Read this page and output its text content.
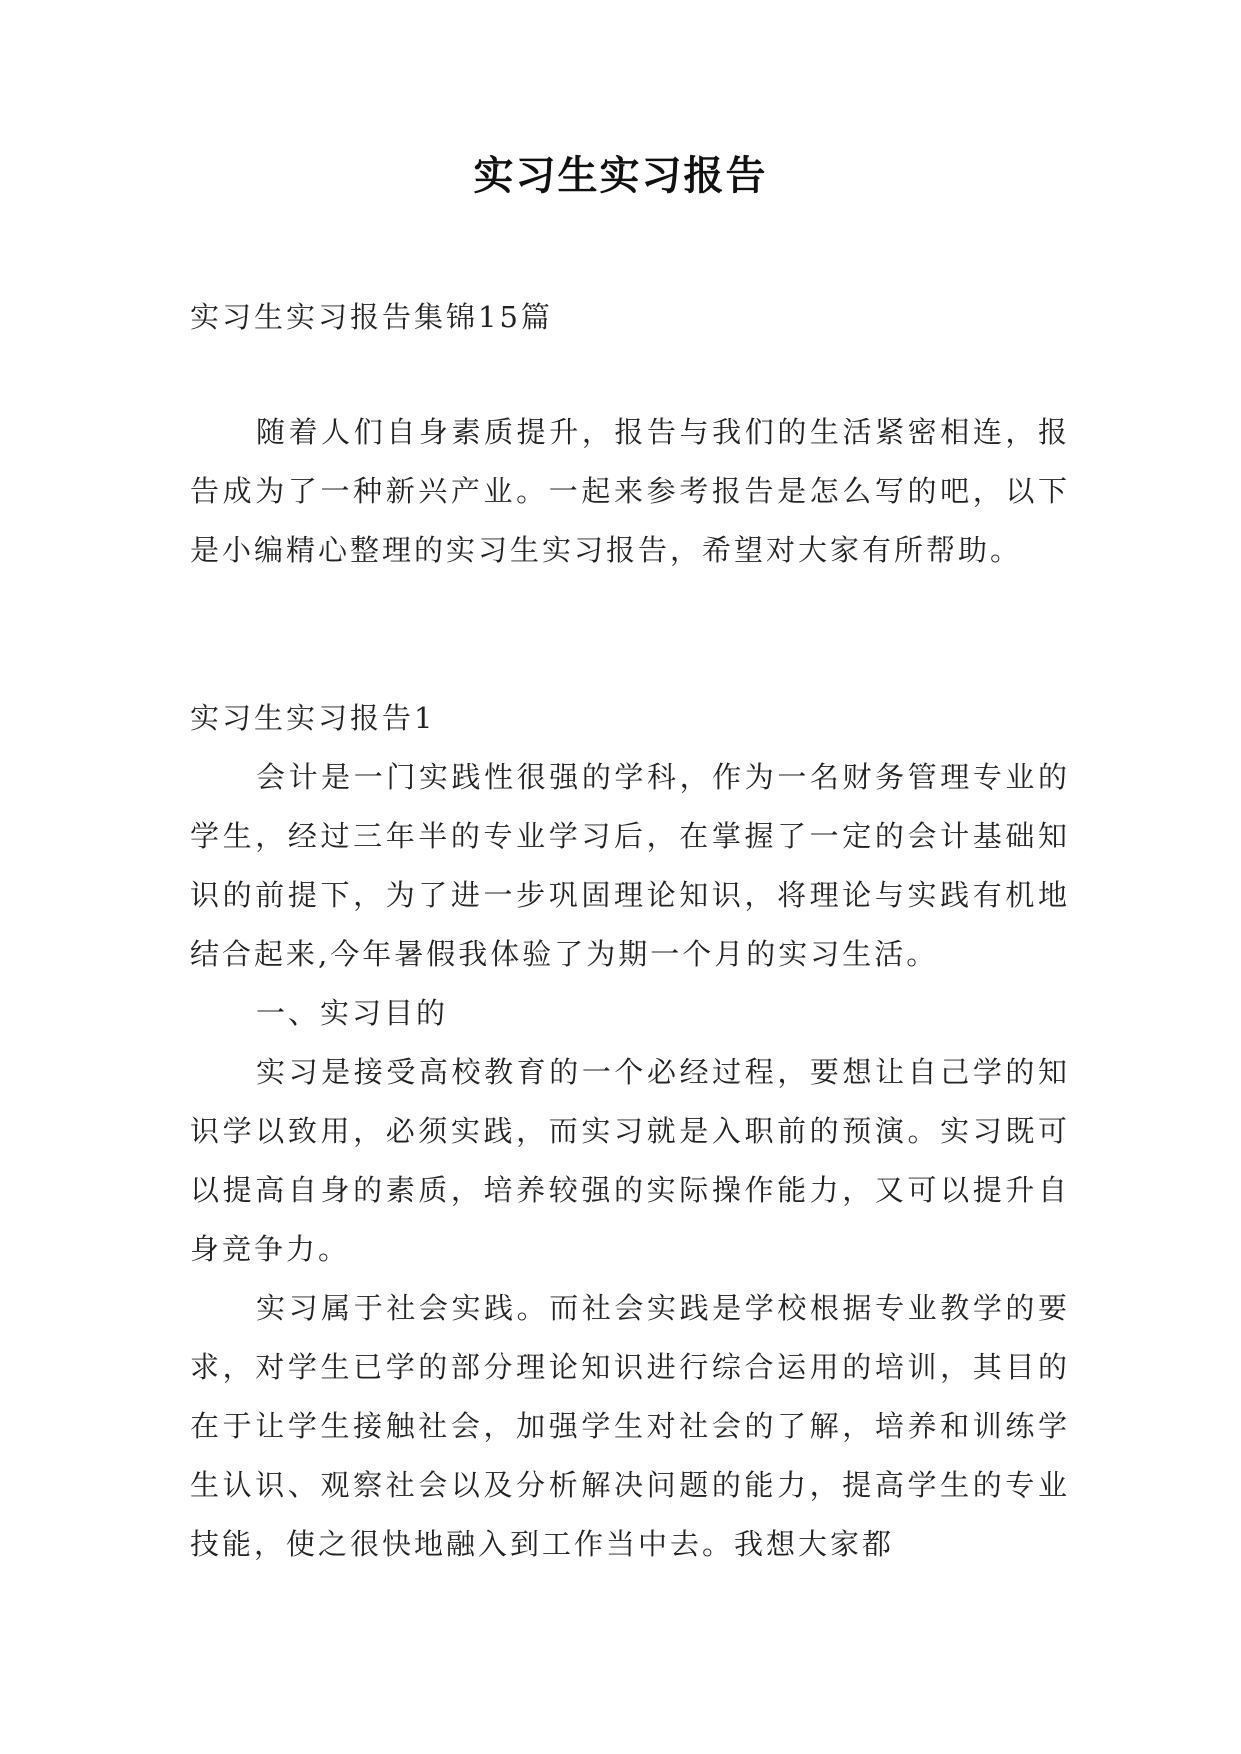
实习生实习报告

实习生实习报告集锦15篇

随着人们自身素质提升，报告与我们的生活紧密相连，报告成为了一种新兴产业。一起来参考报告是怎么写的吧，以下是小编精心整理的实习生实习报告，希望对大家有所帮助。

实习生实习报告1

会计是一门实践性很强的学科，作为一名财务管理专业的学生，经过三年半的专业学习后，在掌握了一定的会计基础知识的前提下，为了进一步巩固理论知识，将理论与实践有机地结合起来,今年暑假我体验了为期一个月的实习生活。

一、实习目的

实习是接受高校教育的一个必经过程，要想让自己学的知识学以致用，必须实践，而实习就是入职前的预演。实习既可以提高自身的素质，培养较强的实际操作能力，又可以提升自身竞争力。

实习属于社会实践。而社会实践是学校根据专业教学的要求，对学生已学的部分理论知识进行综合运用的培训，其目的在于让学生接触社会，加强学生对社会的了解，培养和训练学生认识、观察社会以及分析解决问题的能力，提高学生的专业技能，使之很快地融入到工作当中去。我想大家都
